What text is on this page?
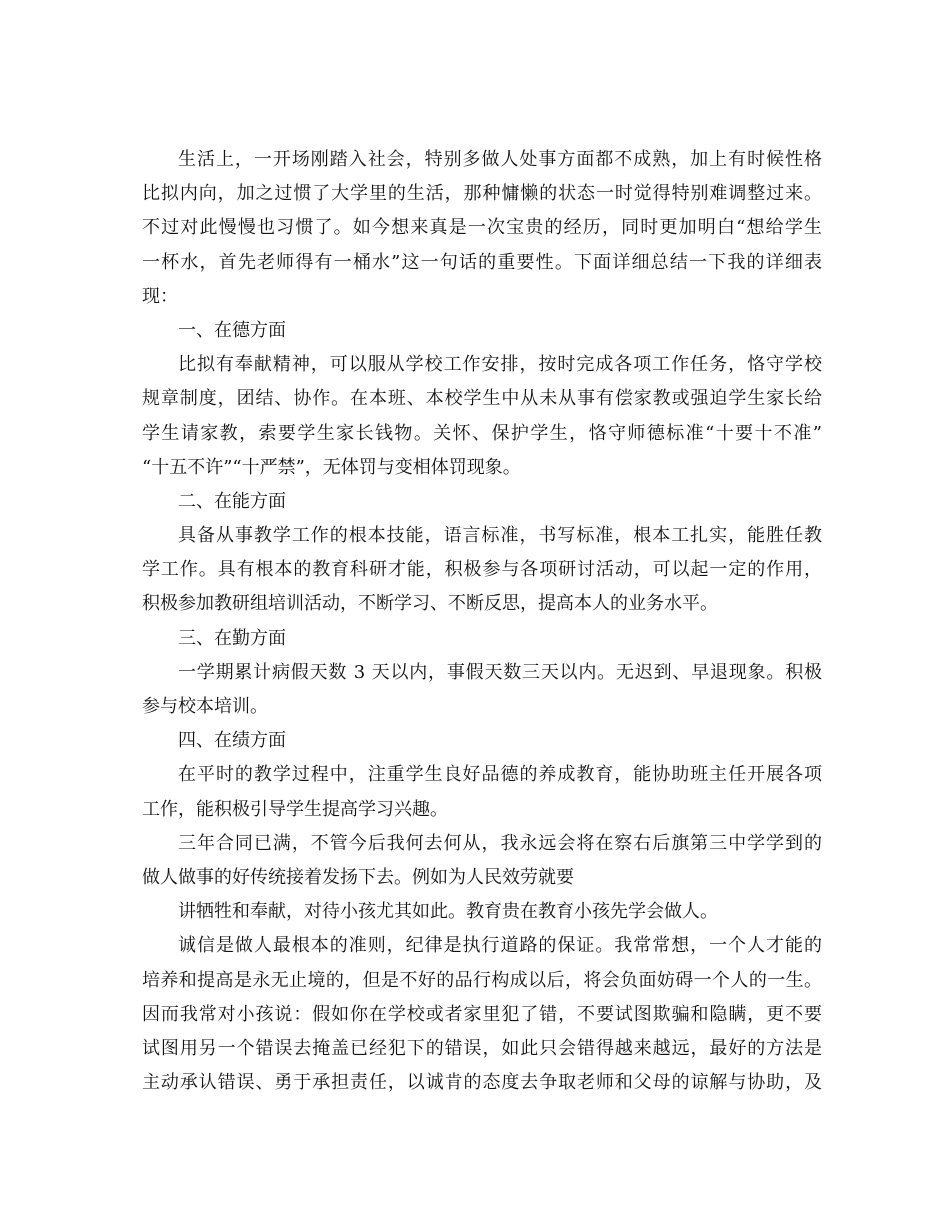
生活上，一开场刚踏入社会，特别多做人处事方面都不成熟，加上有时候性格
比拟内向，加之过惯了大学里的生活，那种慵懒的状态一时觉得特别难调整过来。
不过对此慢慢也习惯了。如今想来真是一次宝贵的经历，同时更加明白“想给学生
一杯水，首先老师得有一桶水”这一句话的重要性。下面详细总结一下我的详细表
现：
一、在德方面
比拟有奉献精神，可以服从学校工作安排，按时完成各项工作任务，恪守学校
规章制度，团结、协作。在本班、本校学生中从未从事有偿家教或强迫学生家长给
学生请家教，索要学生家长钱物。关怀、保护学生，恪守师德标准“十要十不准”
“十五不许”“十严禁”，无体罚与变相体罚现象。
二、在能方面
具备从事教学工作的根本技能，语言标准，书写标准，根本工扎实，能胜任教
学工作。具有根本的教育科研才能，积极参与各项研讨活动，可以起一定的作用，
积极参加教研组培训活动，不断学习、不断反思，提高本人的业务水平。
三、在勤方面
一学期累计病假天数 3 天以内，事假天数三天以内。无迟到、早退现象。积极
参与校本培训。
四、在绩方面
在平时的教学过程中，注重学生良好品德的养成教育，能协助班主任开展各项
工作，能积极引导学生提高学习兴趣。
三年合同已满，不管今后我何去何从，我永远会将在察右后旗第三中学学到的
做人做事的好传统接着发扬下去。例如为人民效劳就要
讲牺牲和奉献，对待小孩尤其如此。教育贵在教育小孩先学会做人。
诚信是做人最根本的准则，纪律是执行道路的保证。我常常想，一个人才能的
培养和提高是永无止境的，但是不好的品行构成以后，将会负面妨碍一个人的一生。
因而我常对小孩说：假如你在学校或者家里犯了错，不要试图欺骗和隐瞒，更不要
试图用另一个错误去掩盖已经犯下的错误，如此只会错得越来越远，最好的方法是
主动承认错误、勇于承担责任，以诚肯的态度去争取老师和父母的谅解与协助，及
